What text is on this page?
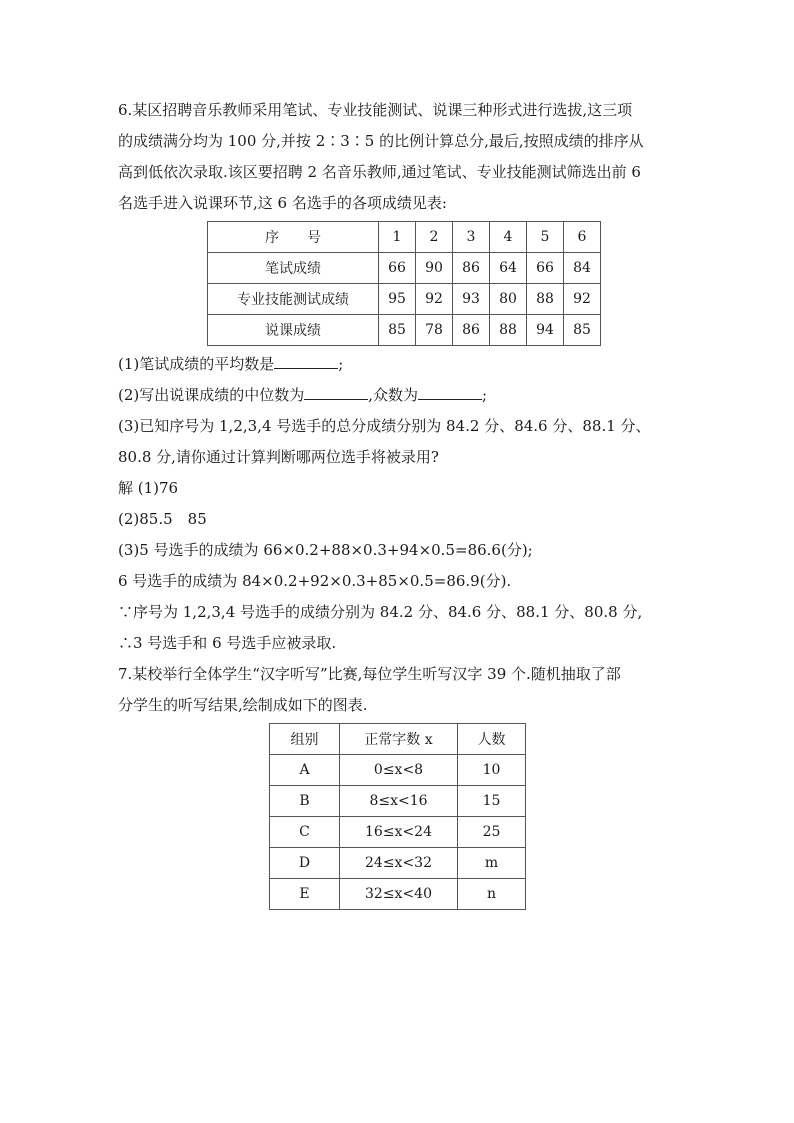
6.某区招聘音乐教师采用笔试、专业技能测试、说课三种形式进行选拔,这三项

的成绩满分均为 100 分,并按 2∶3∶5 的比例计算总分,最后,按照成绩的排序从

高到低依次录取.该区要招聘 2 名音乐教师,通过笔试、专业技能测试筛选出前 6

名选手进入说课环节,这 6 名选手的各项成绩见表:

序　　号	1	2	3	4	5	6
笔试成绩	66	90	86	64	66	84
专业技能测试成绩	95	92	93	80	88	92
说课成绩	85	78	86	88	94	85

(1)笔试成绩的平均数是	;

(2)写出说课成绩的中位数为	,众数为	;

(3)已知序号为 1,2,3,4 号选手的总分成绩分别为 84.2 分、84.6 分、88.1 分、

80.8 分,请你通过计算判断哪两位选手将被录用?

解 (1)76

(2)85.5　85

(3)5 号选手的成绩为 66×0.2+88×0.3+94×0.5=86.6(分);

6 号选手的成绩为 84×0.2+92×0.3+85×0.5=86.9(分).

∵序号为 1,2,3,4 号选手的成绩分别为 84.2 分、84.6 分、88.1 分、80.8 分,

∴3 号选手和 6 号选手应被录取.

7.某校举行全体学生“汉字听写”比赛,每位学生听写汉字 39 个.随机抽取了部

分学生的听写结果,绘制成如下的图表.

组别	正常字数 x	人数
A	0≤x<8	10
B	8≤x<16	15
C	16≤x<24	25
D	24≤x<32	m
E	32≤x<40	n
